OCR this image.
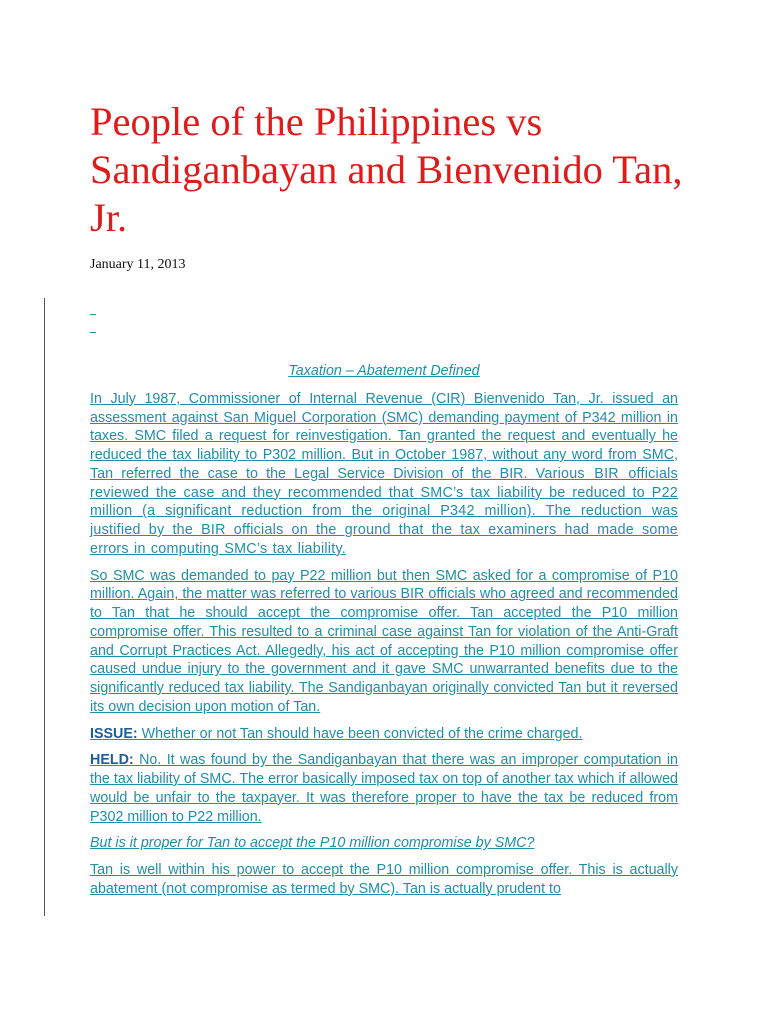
People of the Philippines vs Sandiganbayan and Bienvenido Tan, Jr.
January 11, 2013

Taxation – Abatement Defined

In July 1987, Commissioner of Internal Revenue (CIR) Bienvenido Tan, Jr. issued an assessment against San Miguel Corporation (SMC) demanding payment of P342 million in taxes. SMC filed a request for reinvestigation. Tan granted the request and eventually he reduced the tax liability to P302 million. But in October 1987, without any word from SMC, Tan referred the case to the Legal Service Division of the BIR. Various BIR officials reviewed the case and they recommended that SMC’s tax liability be reduced to P22 million (a significant reduction from the original P342 million). The reduction was justified by the BIR officials on the ground that the tax examiners had made some errors in computing SMC’s tax liability.

So SMC was demanded to pay P22 million but then SMC asked for a compromise of P10 million. Again, the matter was referred to various BIR officials who agreed and recommended to Tan that he should accept the compromise offer. Tan accepted the P10 million compromise offer. This resulted to a criminal case against Tan for violation of the Anti-Graft and Corrupt Practices Act. Allegedly, his act of accepting the P10 million compromise offer caused undue injury to the government and it gave SMC unwarranted benefits due to the significantly reduced tax liability. The Sandiganbayan originally convicted Tan but it reversed its own decision upon motion of Tan.

ISSUE: Whether or not Tan should have been convicted of the crime charged.

HELD: No. It was found by the Sandiganbayan that there was an improper computation in the tax liability of SMC. The error basically imposed tax on top of another tax which if allowed would be unfair to the taxpayer. It was therefore proper to have the tax be reduced from P302 million to P22 million.

But is it proper for Tan to accept the P10 million compromise by SMC?

Tan is well within his power to accept the P10 million compromise offer. This is actually abatement (not compromise as termed by SMC). Tan is actually prudent to
